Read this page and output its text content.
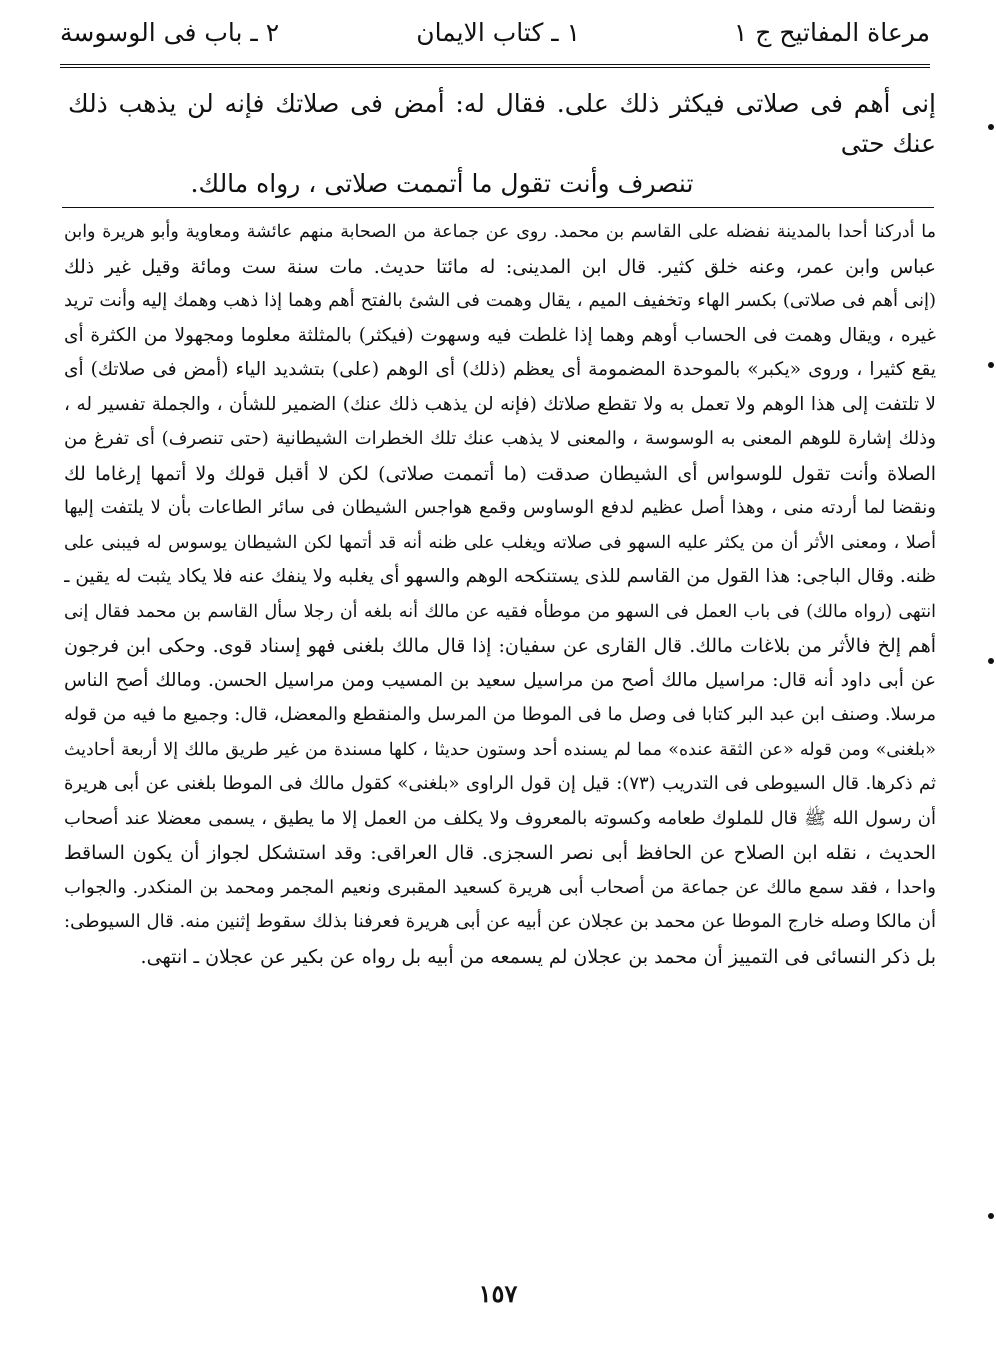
مرعاة المفاتيح ج ١
١ ـ كتاب الايمان
٢ ـ باب فى الوسوسة

إنى أهم فى صلاتى فيكثر ذلك على. فقال له: أمض فى صلاتك فإنه لن يذهب ذلك عنك حتى

تنصرف وأنت تقول ما أتممت صلاتى ، رواه مالك.

ما أدركنا أحدا بالمدينة نفضله على القاسم بن محمد. روى عن جماعة من الصحابة منهم عائشة ومعاوية وأبو هريرة وابن
عباس وابن عمر، وعنه خلق كثير. قال ابن المدينى: له مائتا حديث. مات سنة ست ومائة وقيل غير ذلك
(إنى أهم فى صلاتى) بكسر الهاء وتخفيف الميم ، يقال وهمت فى الشئ بالفتح أهم وهما إذا ذهب وهمك إليه وأنت تريد
غيره ، ويقال وهمت فى الحساب أوهم وهما إذا غلطت فيه وسهوت (فيكثر) بالمثلثة معلوما ومجهولا من الكثرة أى
يقع كثيرا ، وروى «يكبر» بالموحدة المضمومة أى يعظم (ذلك) أى الوهم (على) بتشديد الياء (أمض فى صلاتك) أى
لا تلتفت إلى هذا الوهم ولا تعمل به ولا تقطع صلاتك (فإنه لن يذهب ذلك عنك) الضمير للشأن ، والجملة تفسير له ،
وذلك إشارة للوهم المعنى به الوسوسة ، والمعنى لا يذهب عنك تلك الخطرات الشيطانية (حتى تنصرف) أى تفرغ من
الصلاة وأنت تقول للوسواس أى الشيطان صدقت (ما أتممت صلاتى) لكن لا أقبل قولك ولا أتمها إرغاما لك
ونقضا لما أردته منى ، وهذا أصل عظيم لدفع الوساوس وقمع هواجس الشيطان فى سائر الطاعات بأن لا يلتفت إليها
أصلا ، ومعنى الأثر أن من يكثر عليه السهو فى صلاته ويغلب على ظنه أنه قد أتمها لكن الشيطان يوسوس له فيبنى على
ظنه. وقال الباجى: هذا القول من القاسم للذى يستنكحه الوهم والسهو أى يغلبه ولا ينفك عنه فلا يكاد يثبت له يقين ـ
انتهى (رواه مالك) فى باب العمل فى السهو من موطأه فقيه عن مالك أنه بلغه أن رجلا سأل القاسم بن محمد فقال إنى
أهم إلخ فالأثر من بلاغات مالك. قال القارى عن سفيان: إذا قال مالك بلغنى فهو إسناد قوى. وحكى ابن فرجون
عن أبى داود أنه قال: مراسيل مالك أصح من مراسيل سعيد بن المسيب ومن مراسيل الحسن. ومالك أصح الناس
مرسلا. وصنف ابن عبد البر كتابا فى وصل ما فى الموطا من المرسل والمنقطع والمعضل، قال: وجميع ما فيه من قوله
«بلغنى» ومن قوله «عن الثقة عنده» مما لم يسنده أحد وستون حديثا ، كلها مسندة من غير طريق مالك إلا أربعة أحاديث
ثم ذكرها. قال السيوطى فى التدريب (٧٣): قيل إن قول الراوى «بلغنى» كقول مالك فى الموطا بلغنى عن أبى هريرة
أن رسول الله ﷺ قال للملوك طعامه وكسوته بالمعروف ولا يكلف من العمل إلا ما يطيق ، يسمى معضلا عند أصحاب
الحديث ، نقله ابن الصلاح عن الحافظ أبى نصر السجزى. قال العراقى: وقد استشكل لجواز أن يكون الساقط
واحدا ، فقد سمع مالك عن جماعة من أصحاب أبى هريرة كسعيد المقبرى ونعيم المجمر ومحمد بن المنكدر. والجواب
أن مالكا وصله خارج الموطا عن محمد بن عجلان عن أبيه عن أبى هريرة فعرفنا بذلك سقوط إثنين منه. قال السيوطى:
بل ذكر النسائى فى التمييز أن محمد بن عجلان لم يسمعه من أبيه بل رواه عن بكير عن عجلان ـ انتهى.
١٥٧
